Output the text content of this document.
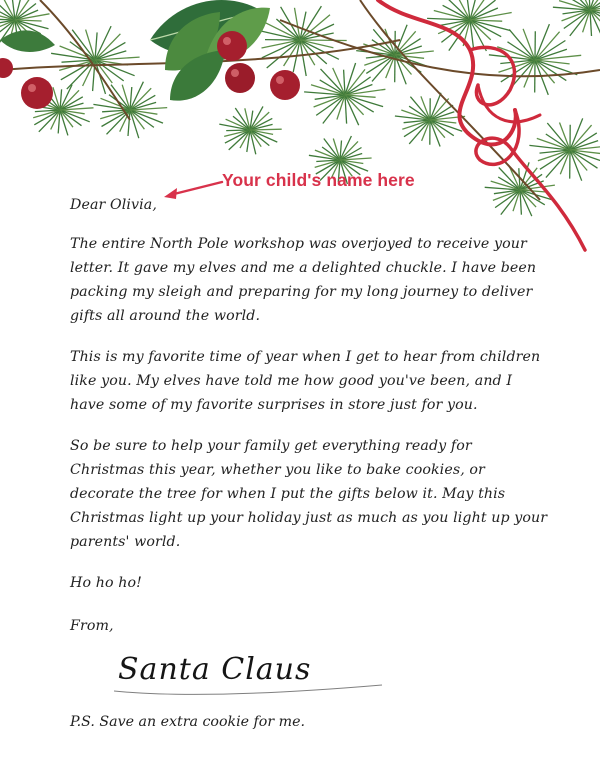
Your child's name here

Dear Olivia,

The entire North Pole workshop was overjoyed to receive your letter. It gave my elves and me a delighted chuckle. I have been packing my sleigh and preparing for my long journey to deliver gifts all around the world.

This is my favorite time of year when I get to hear from children like you. My elves have told me how good you've been, and I have some of my favorite surprises in store just for you.

So be sure to help your family get everything ready for Christmas this year, whether you like to bake cookies, or decorate the tree for when I put the gifts below it. May this Christmas light up your holiday just as much as you light up your parents' world.

Ho ho ho!

From,

Santa Claus
P.S. Save an extra cookie for me.
